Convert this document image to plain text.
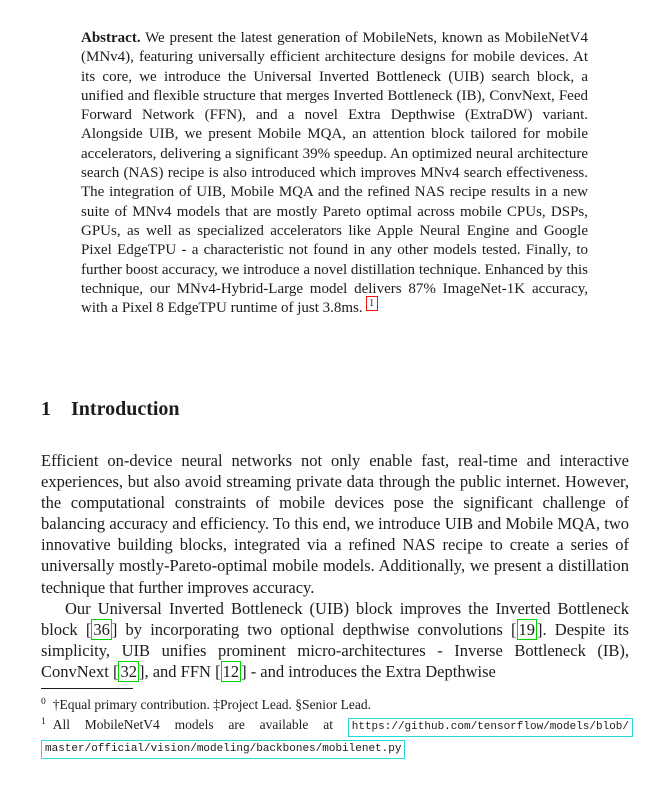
Abstract. We present the latest generation of MobileNets, known as MobileNetV4 (MNv4), featuring universally efficient architecture designs for mobile devices. At its core, we introduce the Universal Inverted Bottleneck (UIB) search block, a unified and flexible structure that merges Inverted Bottleneck (IB), ConvNext, Feed Forward Network (FFN), and a novel Extra Depthwise (ExtraDW) variant. Alongside UIB, we present Mobile MQA, an attention block tailored for mobile accelerators, delivering a significant 39% speedup. An optimized neural architecture search (NAS) recipe is also introduced which improves MNv4 search effectiveness. The integration of UIB, Mobile MQA and the refined NAS recipe results in a new suite of MNv4 models that are mostly Pareto optimal across mobile CPUs, DSPs, GPUs, as well as specialized accelerators like Apple Neural Engine and Google Pixel EdgeTPU - a characteristic not found in any other models tested. Finally, to further boost accuracy, we introduce a novel distillation technique. Enhanced by this technique, our MNv4-Hybrid-Large model delivers 87% ImageNet-1K accuracy, with a Pixel 8 EdgeTPU runtime of just 3.8ms. $^1$

1 Introduction

Efficient on-device neural networks not only enable fast, real-time and interactive experiences, but also avoid streaming private data through the public internet. However, the computational constraints of mobile devices pose the significant challenge of balancing accuracy and efficiency. To this end, we introduce UIB and Mobile MQA, two innovative building blocks, integrated via a refined NAS recipe to create a series of universally mostly-Pareto-optimal mobile models. Additionally, we present a distillation technique that further improves accuracy.

Our Universal Inverted Bottleneck (UIB) block improves the Inverted Bottleneck block [ 36 ] by incorporating two optional depthwise convolutions [ 19 ]. Despite its simplicity, UIB unifies prominent micro-architectures - Inverse Bottleneck (IB), ConvNext [ 32 ], and FFN [ 12 ] - and introduces the Extra Depthwise

$^0$ †Equal primary contribution. ‡Project Lead. §Senior Lead.
$^1$ All MobileNetV4 models are available at https://github.com/tensorflow/models/blob/ master/official/vision/modeling/backbones/mobilenet.py
